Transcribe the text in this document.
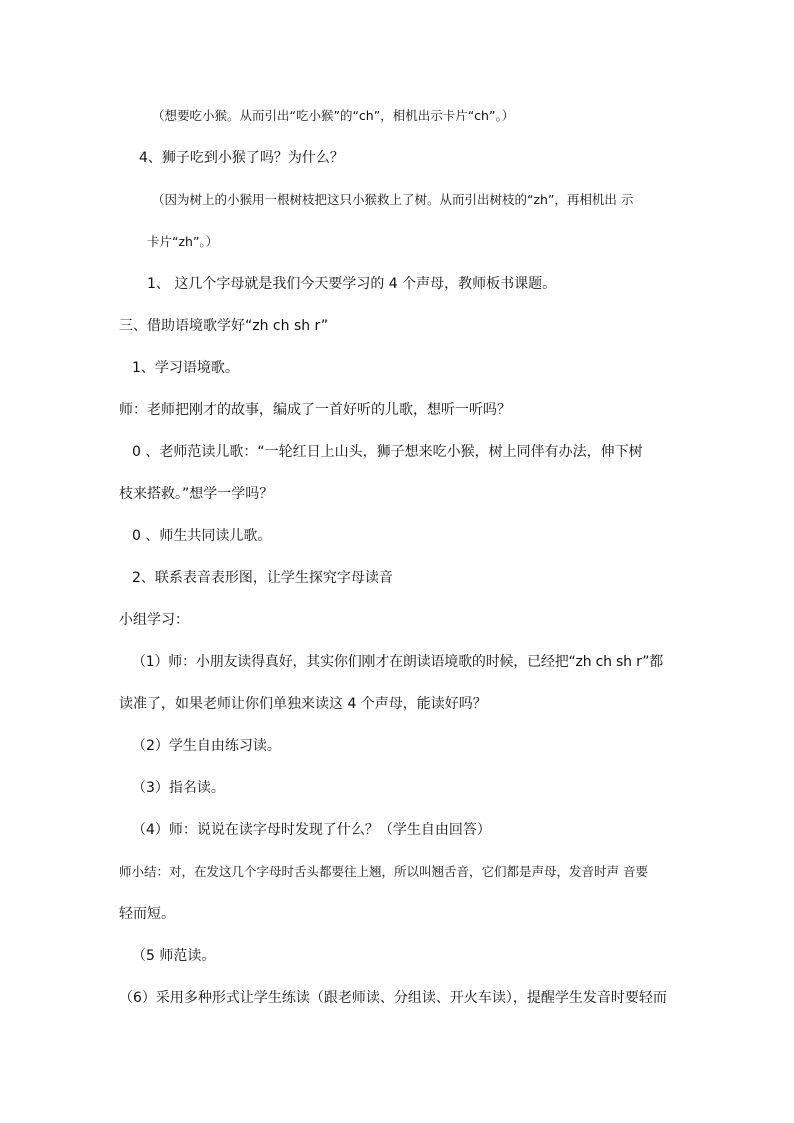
（想要吃小猴。从而引出“吃小猴”的“ch”，相机出示卡片“ch”。）
4、狮子吃到小猴了吗？为什么？
（因为树上的小猴用一根树枝把这只小猴救上了树。从而引出树枝的“zh”，再相机出 示
卡片“zh”。）
1、 这几个字母就是我们今天要学习的 4 个声母，教师板书课题。
三、借助语境歌学好“zh ch sh r”
1、学习语境歌。
师：老师把刚才的故事，编成了一首好听的儿歌，想听一听吗？
0 、老师范读儿歌：“一轮红日上山头，狮子想来吃小猴，树上同伴有办法，伸下树
枝来搭救。”想学一学吗？
0 、师生共同读儿歌。
2、联系表音表形图，让学生探究字母读音
小组学习：
（1）师：小朋友读得真好，其实你们刚才在朗读语境歌的时候，已经把“zh ch sh r”都
读准了，如果老师让你们单独来读这 4 个声母，能读好吗？
（2）学生自由练习读。
（3）指名读。
（4）师：说说在读字母时发现了什么？（学生自由回答）
师小结：对，在发这几个字母时舌头都要往上翘，所以叫翘舌音，它们都是声母，发音时声 音要
轻而短。
（5 师范读。
（6）采用多种形式让学生练读（跟老师读、分组读、开火车读），提醒学生发音时要轻而
